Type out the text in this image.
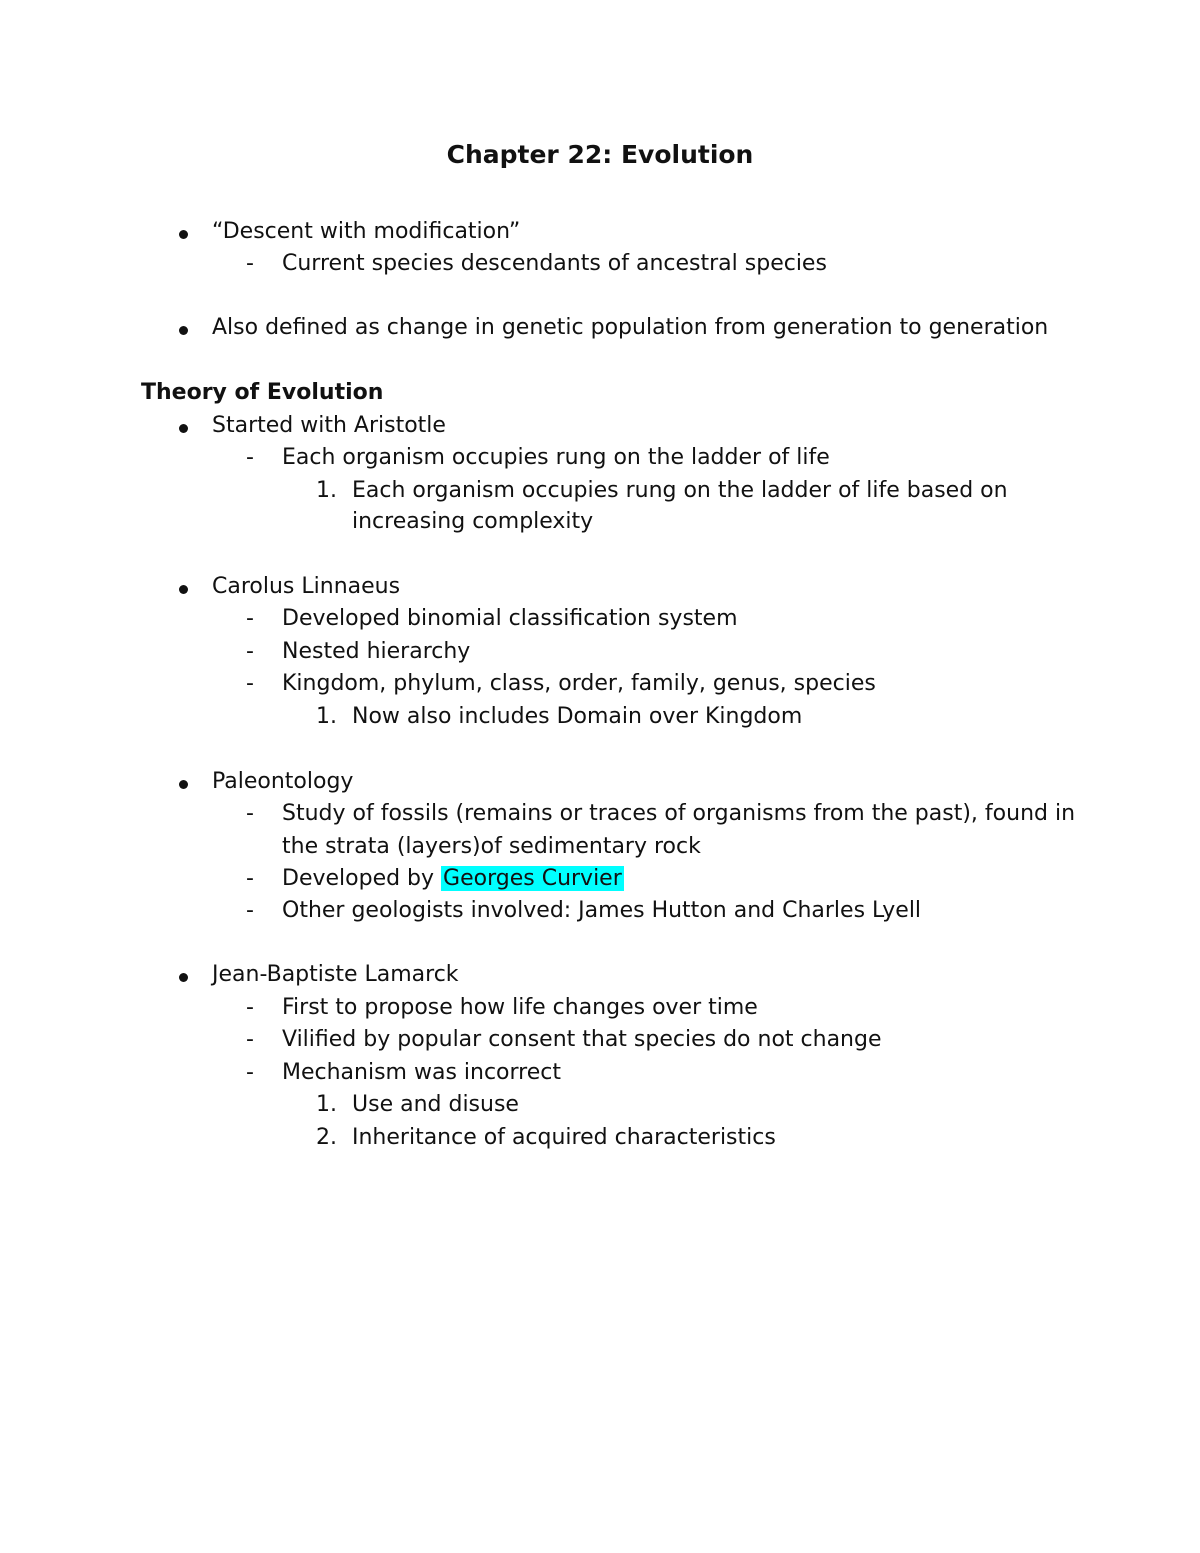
Chapter 22: Evolution
“Descent with modification”
- Current species descendants of ancestral species
Also defined as change in genetic population from generation to generation
Theory of Evolution
Started with Aristotle
- Each organism occupies rung on the ladder of life
1. Each organism occupies rung on the ladder of life based on
increasing complexity
Carolus Linnaeus
- Developed binomial classification system
- Nested hierarchy
- Kingdom, phylum, class, order, family, genus, species
1. Now also includes Domain over Kingdom
Paleontology
- Study of fossils (remains or traces of organisms from the past), found in
the strata (layers)of sedimentary rock
- Developed by Georges Curvier
- Other geologists involved: James Hutton and Charles Lyell
Jean-Baptiste Lamarck
- First to propose how life changes over time
- Vilified by popular consent that species do not change
- Mechanism was incorrect
1. Use and disuse
2. Inheritance of acquired characteristics
